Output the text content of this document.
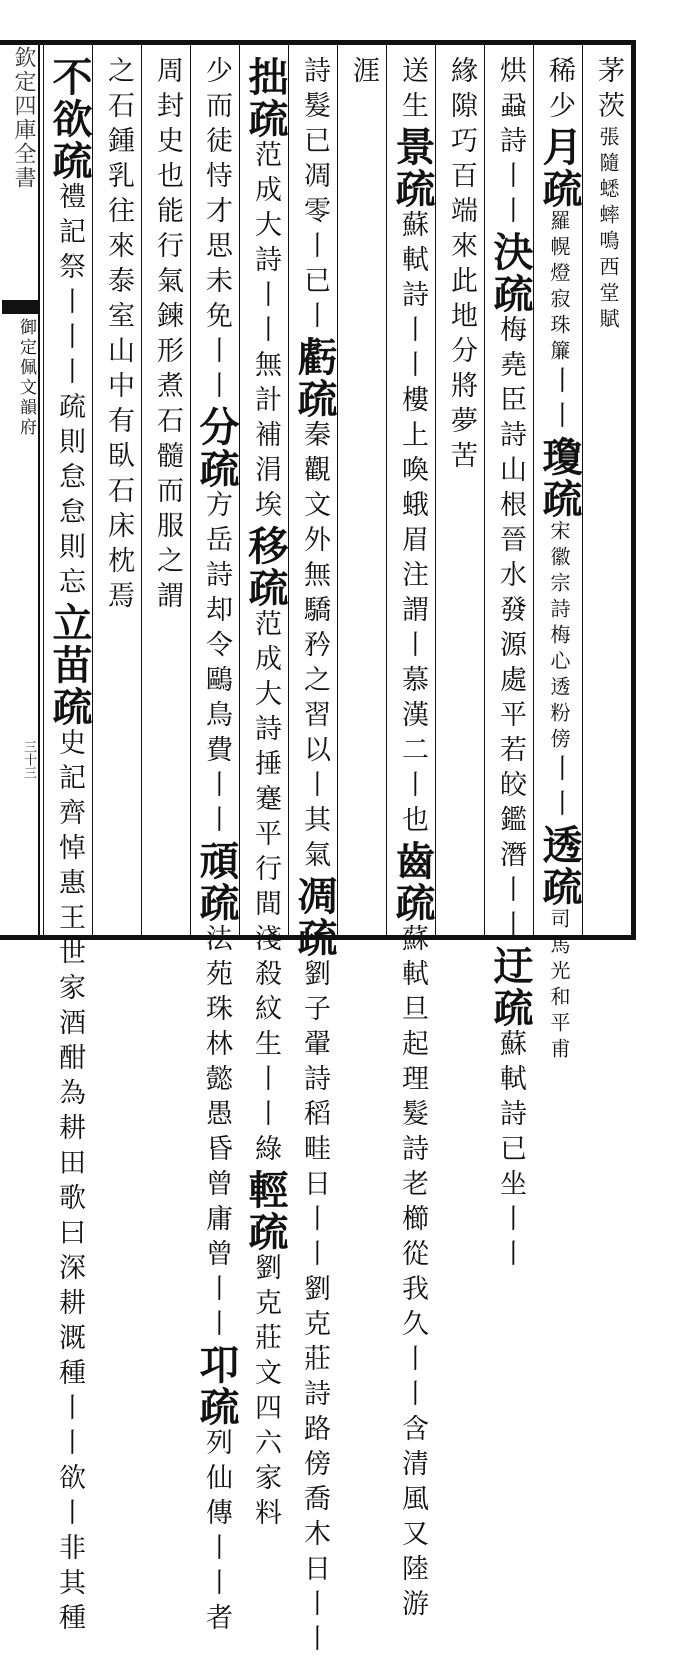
欽定四庫全書
御定佩文韻府
三十三
茅茨張隨蟋蟀鳴西堂賦
稀少月疏羅幌燈寂珠簾丨丨瓊疏宋徽宗詩梅心透粉傍丨丨透疏司馬光和平甫
烘蝨詩丨丨決疏梅堯臣詩山根晉水發源處平若皎鑑潛丨丨迂疏蘇軾詩已坐丨丨
緣隙巧百端來此地分將夢苦
送生景疏蘇軾詩丨丨樓上喚蛾眉注謂丨慕漢二丨也齒疏蘇軾旦起理髮詩老櫛從我久丨丨含清風又陸游
涯
詩髮已凋零丨已丨虧疏秦觀文外無驕矜之習以丨其氣凋疏劉子翬詩稻畦日丨丨劉克莊詩路傍喬木日丨丨
拙疏范成大詩丨丨無計補涓埃移疏范成大詩捶蹇平行間淺殺紋生丨丨綠輕疏劉克莊文四六家料
少而徒恃才思未免丨丨分疏方岳詩却令鷗鳥費丨丨頑疏法苑珠林懿愚昏曾庸曾丨丨卭疏列仙傳丨丨者
周封史也能行氣鍊形煮石髓而服之謂
之石鍾乳往來泰室山中有臥石床枕焉
不欲疏禮記祭丨丨丨疏則怠怠則忘立苗疏史記齊悼惠王世家酒酣為耕田歌曰深耕溉種丨丨欲丨非其種
